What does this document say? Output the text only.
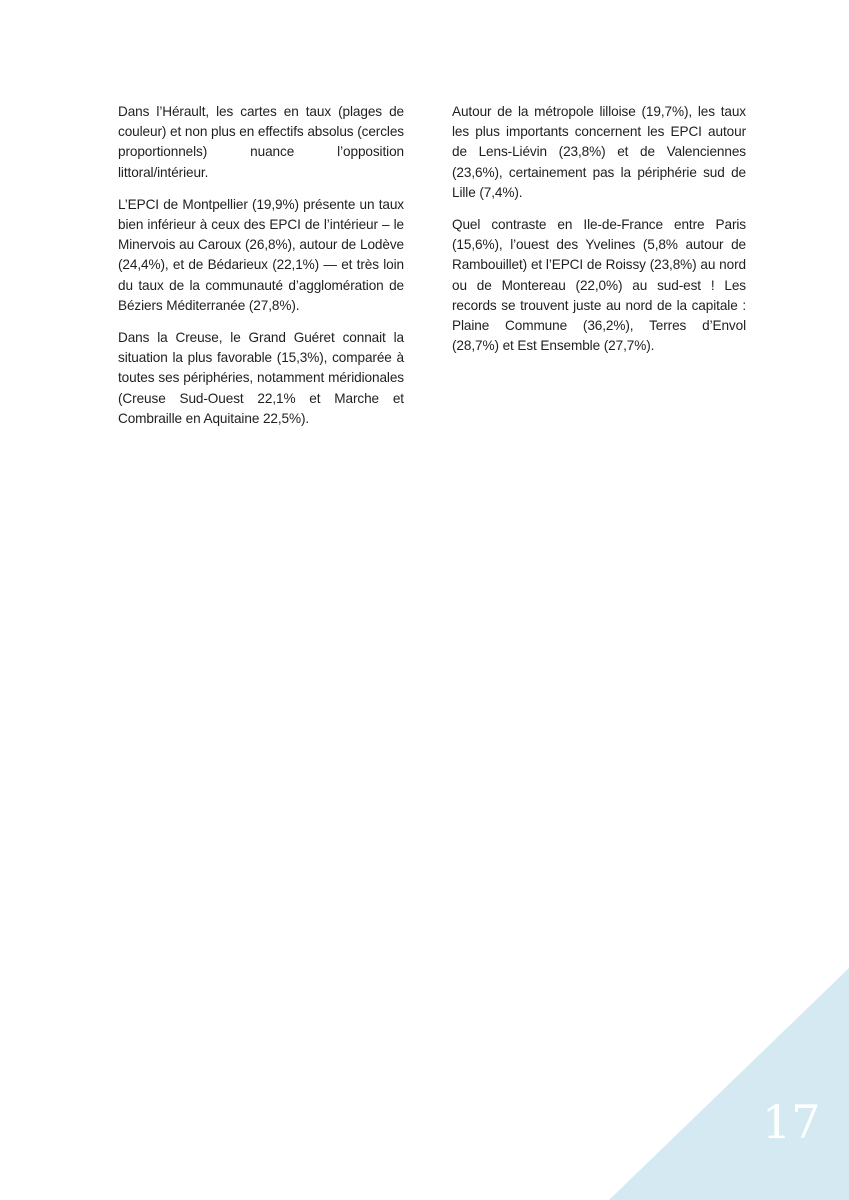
Dans l’Hérault, les cartes en taux (plages de couleur) et non plus en effectifs absolus (cercles proportionnels) nuance l’opposition littoral/intérieur.

L’EPCI de Montpellier (19,9%) présente un taux bien inférieur à ceux des EPCI de l’intérieur – le Minervois au Caroux (26,8%), autour de Lodève (24,4%), et de Bédarieux (22,1%) — et très loin du taux de la communauté d’agglomération de Béziers Méditerranée (27,8%).

Dans la Creuse, le Grand Guéret connait la situation la plus favorable (15,3%), comparée à toutes ses périphéries, notamment méridionales (Creuse Sud-Ouest 22,1% et Marche et Combraille en Aquitaine 22,5%).

Autour de la métropole lilloise (19,7%), les taux les plus importants concernent les EPCI autour de Lens-Liévin (23,8%) et de Valenciennes (23,6%), certainement pas la périphérie sud de Lille (7,4%).

Quel contraste en Ile-de-France entre Paris (15,6%), l’ouest des Yvelines (5,8% autour de Rambouillet) et l’EPCI de Roissy (23,8%) au nord ou de Montereau (22,0%) au sud-est ! Les records se trouvent juste au nord de la capitale : Plaine Commune (36,2%), Terres d’Envol (28,7%) et Est Ensemble (27,7%).

17
